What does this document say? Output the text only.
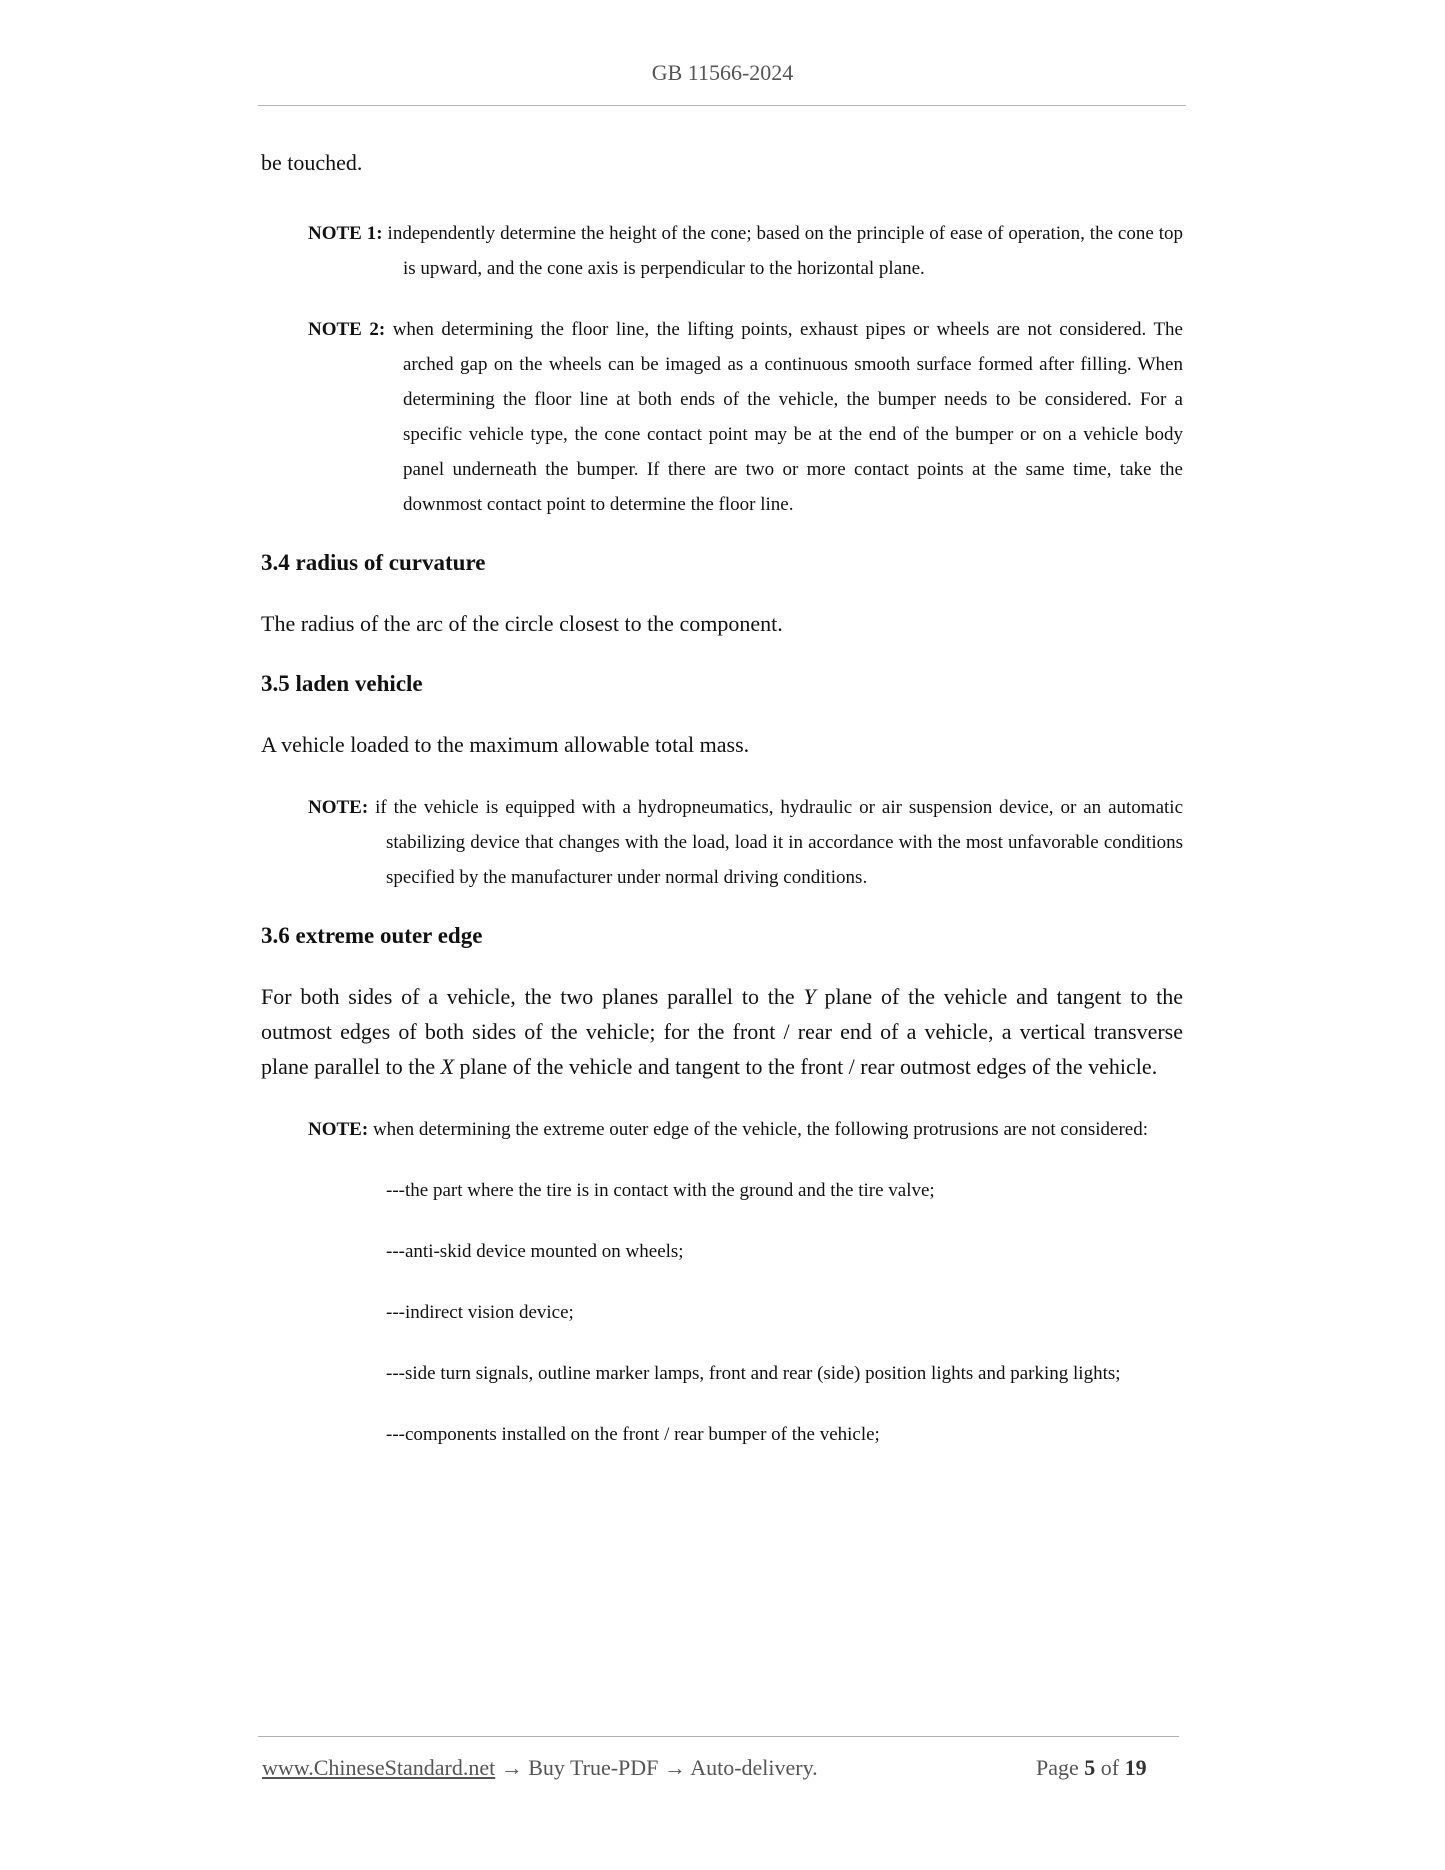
GB 11566-2024

be touched.

NOTE 1: independently determine the height of the cone; based on the principle of ease of operation, the cone top is upward, and the cone axis is perpendicular to the horizontal plane.

NOTE 2: when determining the floor line, the lifting points, exhaust pipes or wheels are not considered. The arched gap on the wheels can be imaged as a continuous smooth surface formed after filling. When determining the floor line at both ends of the vehicle, the bumper needs to be considered. For a specific vehicle type, the cone contact point may be at the end of the bumper or on a vehicle body panel underneath the bumper. If there are two or more contact points at the same time, take the downmost contact point to determine the floor line.

3.4 radius of curvature

The radius of the arc of the circle closest to the component.

3.5 laden vehicle

A vehicle loaded to the maximum allowable total mass.

NOTE: if the vehicle is equipped with a hydropneumatics, hydraulic or air suspension device, or an automatic stabilizing device that changes with the load, load it in accordance with the most unfavorable conditions specified by the manufacturer under normal driving conditions.

3.6 extreme outer edge

For both sides of a vehicle, the two planes parallel to the Y plane of the vehicle and tangent to the outmost edges of both sides of the vehicle; for the front / rear end of a vehicle, a vertical transverse plane parallel to the X plane of the vehicle and tangent to the front / rear outmost edges of the vehicle.

NOTE: when determining the extreme outer edge of the vehicle, the following protrusions are not considered:

---the part where the tire is in contact with the ground and the tire valve;

---anti-skid device mounted on wheels;

---indirect vision device;

---side turn signals, outline marker lamps, front and rear (side) position lights and parking lights;

---components installed on the front / rear bumper of the vehicle;

www.ChineseStandard.net → Buy True-PDF → Auto-delivery.	Page 5 of 19
